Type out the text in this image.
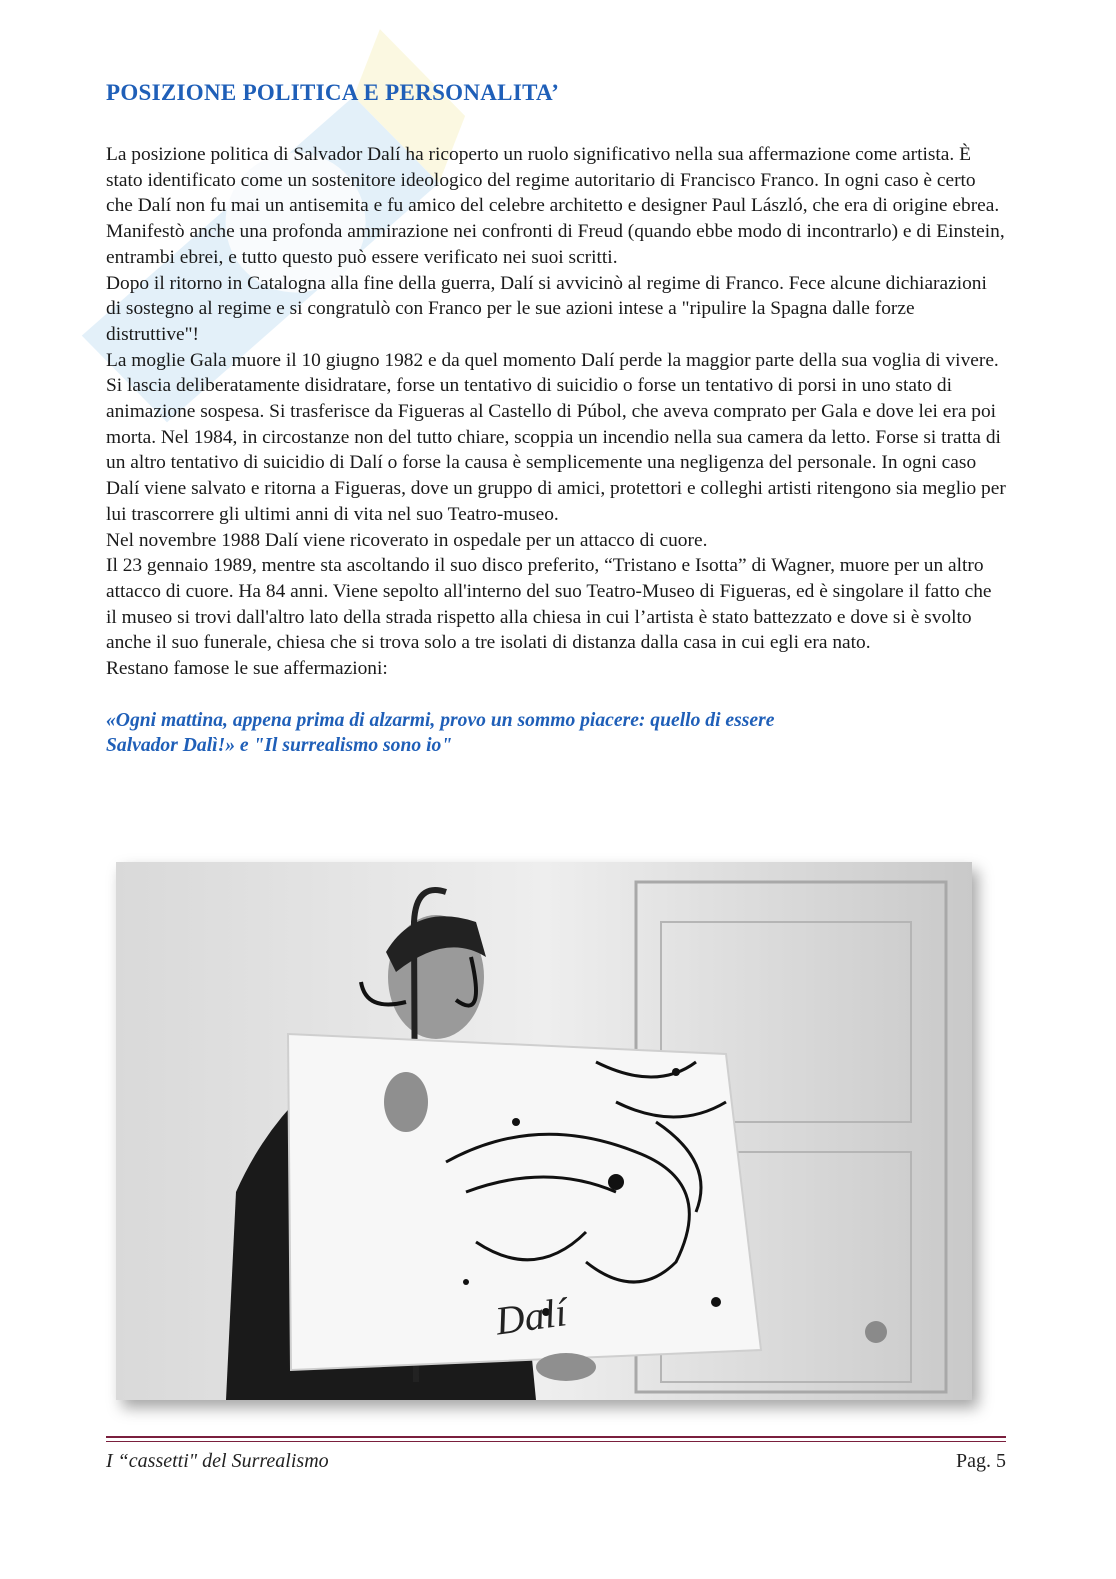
POSIZIONE POLITICA E PERSONALITA’

La posizione politica di Salvador Dalí ha ricoperto un ruolo significativo nella sua affermazione come artista. È stato identificato come un sostenitore ideologico del regime autoritario di Francisco Franco. In ogni caso è certo che Dalí non fu mai un antisemita e fu amico del celebre architetto e designer Paul László, che era di origine ebrea. Manifestò anche una profonda ammirazione nei confronti di Freud (quando ebbe modo di incontrarlo) e di Einstein, entrambi ebrei, e tutto questo può essere verificato nei suoi scritti.

Dopo il ritorno in Catalogna alla fine della guerra, Dalí si avvicinò al regime di Franco. Fece alcune dichiarazioni di sostegno al regime e si congratulò con Franco per le sue azioni intese a "ripulire la Spagna dalle forze distruttive"!

La moglie Gala muore il 10 giugno 1982 e da quel momento Dalí perde la maggior parte della sua voglia di vivere. Si lascia deliberatamente disidratare, forse un tentativo di suicidio o forse un tentativo di porsi in uno stato di animazione sospesa. Si trasferisce da Figueras al Castello di Púbol, che aveva comprato per Gala e dove lei era poi morta. Nel 1984, in circostanze non del tutto chiare, scoppia un incendio nella sua camera da letto. Forse si tratta di un altro tentativo di suicidio di Dalí o forse la causa è semplicemente una negligenza del personale. In ogni caso Dalí viene salvato e ritorna a Figueras, dove un gruppo di amici, protettori e colleghi artisti ritengono sia meglio per lui trascorrere gli ultimi anni di vita nel suo Teatro-museo.

Nel novembre 1988 Dalí viene ricoverato in ospedale per un attacco di cuore.

Il 23 gennaio 1989, mentre sta ascoltando il suo disco preferito, “Tristano e Isotta” di Wagner, muore per un altro attacco di cuore. Ha 84 anni. Viene sepolto all'interno del suo Teatro-Museo di Figueras, ed è singolare il fatto che il museo si trovi dall'altro lato della strada rispetto alla chiesa in cui l’artista è stato battezzato e dove si è svolto anche il suo funerale, chiesa che si trova solo a tre isolati di distanza dalla casa in cui egli era nato.

Restano famose le sue affermazioni:

«Ogni mattina, appena prima di alzarmi, provo un sommo piacere: quello di essere Salvador Dalì!» e "Il surrealismo sono io"
Dalí
I “cassetti" del Surrealismo	Pag. 5
